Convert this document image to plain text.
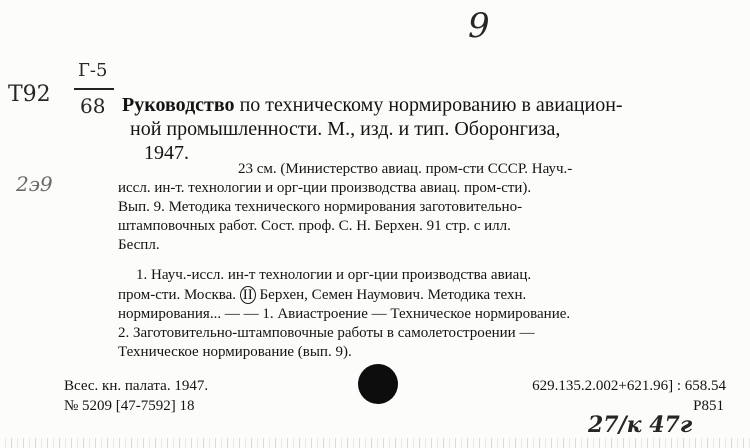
9
Т92
Г-5
68
2э9
Руководство по техническому нормированию в авиацион-
ной промышленности. М., изд. и тип. Оборонгиза,
1947.
23 см. (Министерство авиац. пром-сти СССР. Науч.-
иссл. ин-т. технологии и орг-ции производства авиац. пром-сти).
Вып. 9. Методика технического нормирования заготовительно-
штамповочных работ. Сост. проф. С. Н. Берхен. 91 стр. с илл.
Беспл.
1. Науч.-иссл. ин-т технологии и орг-ции производства авиац.
пром-сти. Москва. II Берхен, Семен Наумович. Методика техн.
нормирования... — — 1. Авиастроение — Техническое нормирование.
2. Заготовительно-штамповочные работы в самолетостроении —
Техническое нормирование (вып. 9).
Всес. кн. палата. 1947.
№ 5209 [47-7592] 18
629.135.2.002+621.96] : 658.54
Р851
27/к 47г
